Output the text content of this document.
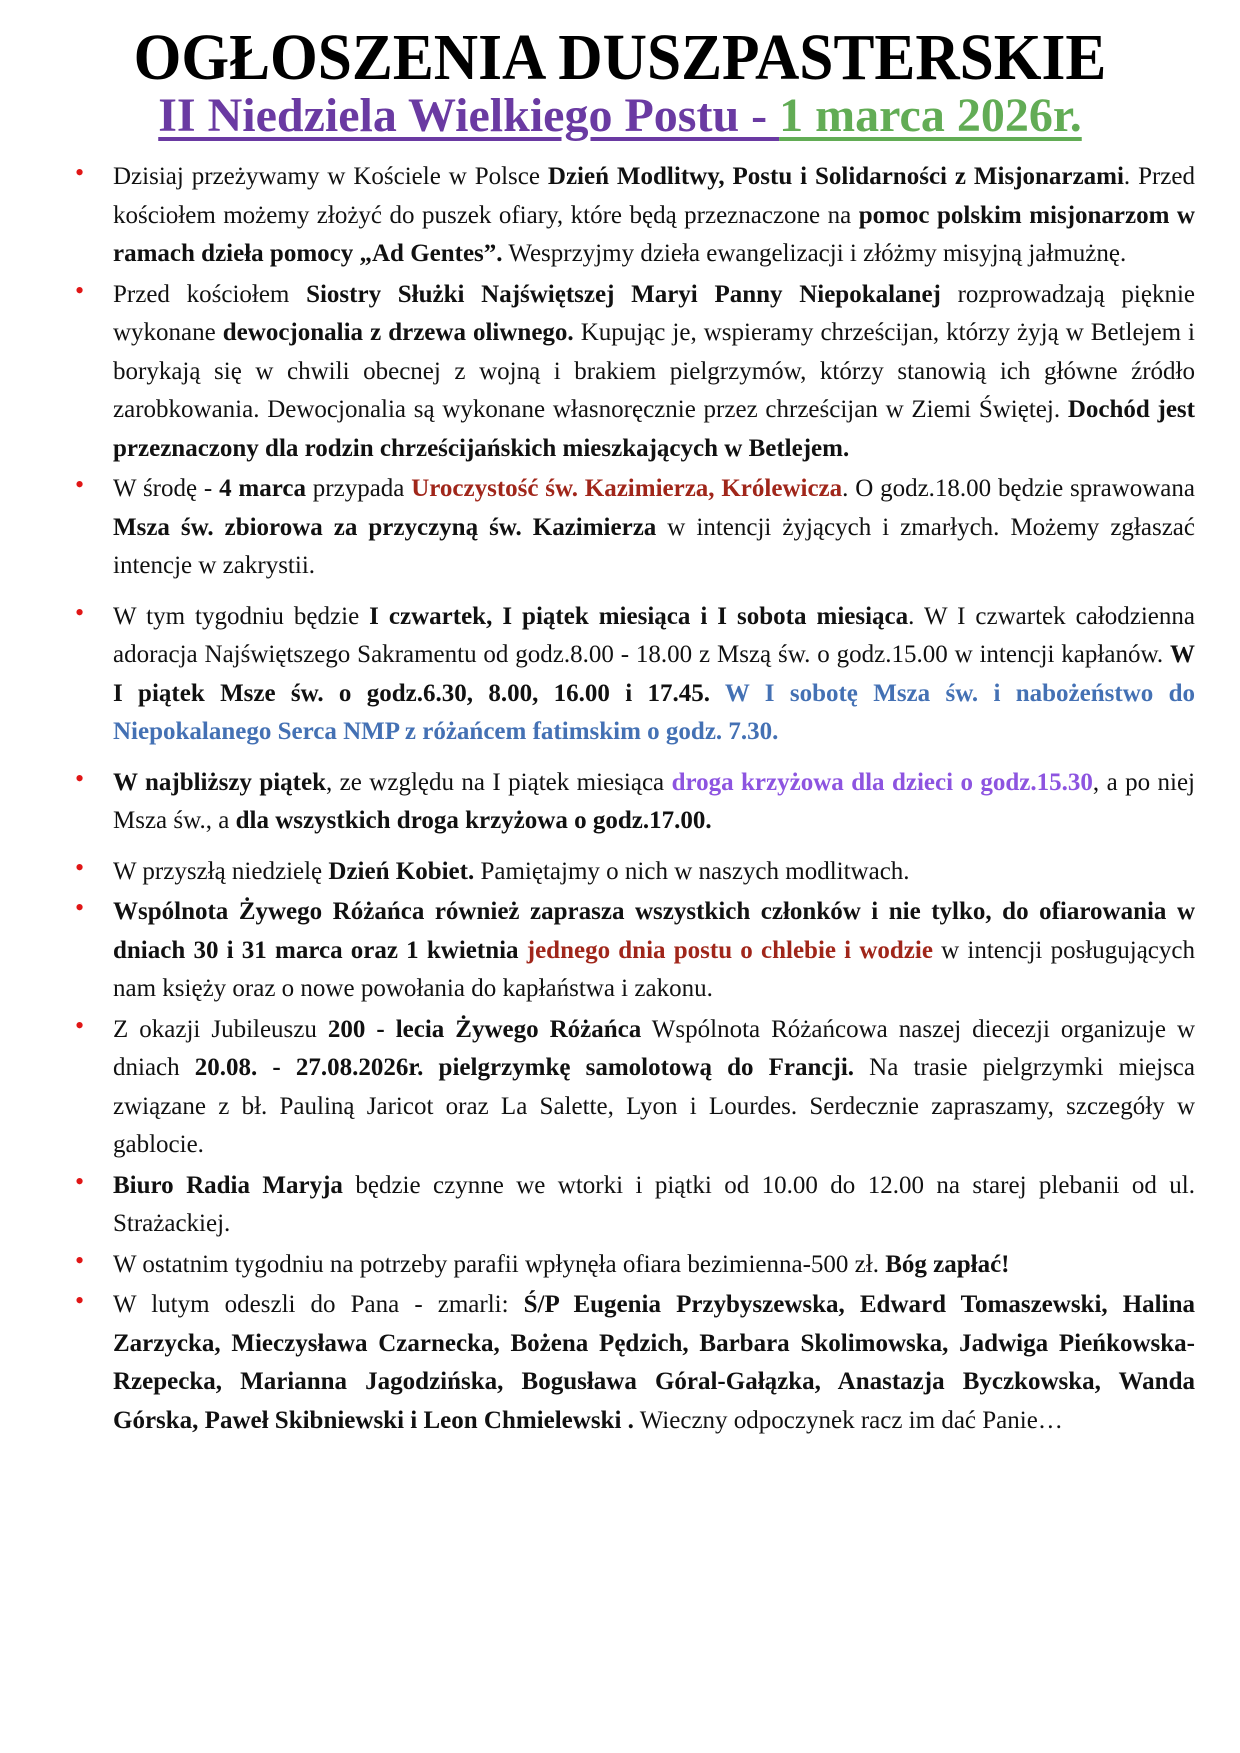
OGŁOSZENIA DUSZPASTERSKIE
II Niedziela Wielkiego Postu - 1 marca 2026r.
• Dzisiaj przeżywamy w Kościele w Polsce Dzień Modlitwy, Postu i Solidarności z Misjonarzami. Przed kościołem możemy złożyć do puszek ofiary, które będą przeznaczone na pomoc polskim misjonarzom w ramach dzieła pomocy „Ad Gentes”. Wesprzyjmy dzieła ewangelizacji i złóżmy misyjną jałmużnę.
• Przed kościołem Siostry Służki Najświętszej Maryi Panny Niepokalanej rozprowadzają pięknie wykonane dewocjonalia z drzewa oliwnego. Kupując je, wspieramy chrześcijan, którzy żyją w Betlejem i borykają się w chwili obecnej z wojną i brakiem pielgrzymów, którzy stanowią ich główne źródło zarobkowania. Dewocjonalia są wykonane własnoręcznie przez chrześcijan w Ziemi Świętej. Dochód jest przeznaczony dla rodzin chrześcijańskich mieszkających w Betlejem.
• W środę - 4 marca przypada Uroczystość św. Kazimierza, Królewicza. O godz.18.00 będzie sprawowana Msza św. zbiorowa za przyczyną św. Kazimierza w intencji żyjących i zmarłych. Możemy zgłaszać intencje w zakrystii.
• W tym tygodniu będzie I czwartek, I piątek miesiąca i I sobota miesiąca. W I czwartek całodzienna adoracja Najświętszego Sakramentu od godz.8.00 - 18.00 z Mszą św. o godz.15.00 w intencji kapłanów. W I piątek Msze św. o godz.6.30, 8.00, 16.00 i 17.45. W I sobotę Msza św. i nabożeństwo do Niepokalanego Serca NMP z różańcem fatimskim o godz. 7.30.
• W najbliższy piątek, ze względu na I piątek miesiąca droga krzyżowa dla dzieci o godz.15.30, a po niej Msza św., a dla wszystkich droga krzyżowa o godz.17.00.
• W przyszłą niedzielę Dzień Kobiet. Pamiętajmy o nich w naszych modlitwach.
• Wspólnota Żywego Różańca również zaprasza wszystkich członków i nie tylko, do ofiarowania w dniach 30 i 31 marca oraz 1 kwietnia jednego dnia postu o chlebie i wodzie w intencji posługujących nam księży oraz o nowe powołania do kapłaństwa i zakonu.
• Z okazji Jubileuszu 200 - lecia Żywego Różańca Wspólnota Różańcowa naszej diecezji organizuje w dniach 20.08. - 27.08.2026r. pielgrzymkę samolotową do Francji. Na trasie pielgrzymki miejsca związane z bł. Pauliną Jaricot oraz La Salette, Lyon i Lourdes. Serdecznie zapraszamy, szczegóły w gablocie.
• Biuro Radia Maryja będzie czynne we wtorki i piątki od 10.00 do 12.00 na starej plebanii od ul. Strażackiej.
• W ostatnim tygodniu na potrzeby parafii wpłynęła ofiara bezimienna-500 zł. Bóg zapłać!
• W lutym odeszli do Pana - zmarli: Ś/P Eugenia Przybyszewska, Edward Tomaszewski, Halina Zarzycka, Mieczysława Czarnecka, Bożena Pędzich, Barbara Skolimowska, Jadwiga Pieńkowska-Rzepecka, Marianna Jagodzińska, Bogusława Góral-Gałązka, Anastazja Byczkowska, Wanda Górska, Paweł Skibniewski i Leon Chmielewski . Wieczny odpoczynek racz im dać Panie…
